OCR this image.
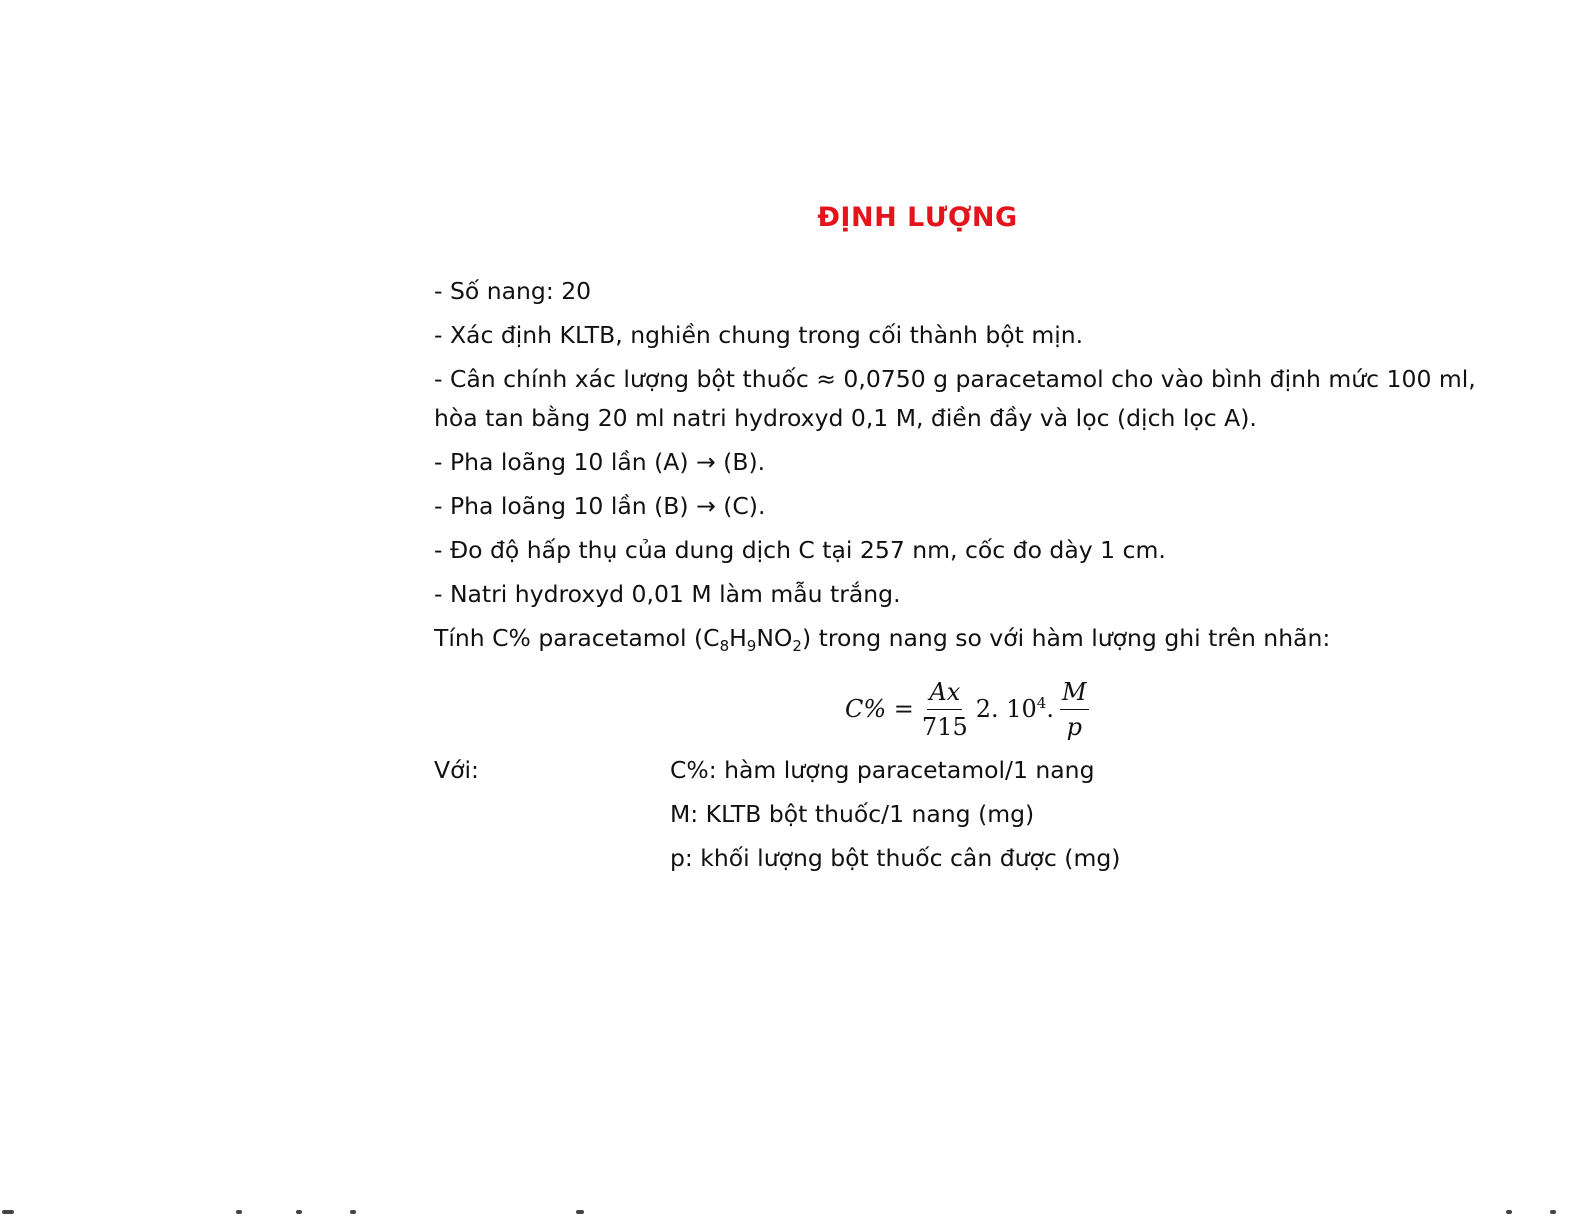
ĐỊNH LƯỢNG

- Số nang: 20

- Xác định KLTB, nghiền chung trong cối thành bột mịn.

- Cân chính xác lượng bột thuốc ≈ 0,0750 g paracetamol cho vào bình định mức 100 ml,

hòa tan bằng 20 ml natri hydroxyd 0,1 M, điền đầy và lọc (dịch lọc A).

- Pha loãng 10 lần (A) → (B).

- Pha loãng 10 lần (B) → (C).

- Đo độ hấp thụ của dung dịch C tại 257 nm, cốc đo dày 1 cm.

- Natri hydroxyd 0,01 M làm mẫu trắng.

Tính C% paracetamol $(C_8H_9NO_2)$ trong nang so với hàm lượng ghi trên nhãn:

$C\% = \frac{Ax}{715} 2$. $10^4$. $\frac{M}{p}$
Với:	C%: hàm lượng paracetamol/1 nang
M: KLTB bột thuốc/1 nang (mg)
p: khối lượng bột thuốc cân được (mg)
